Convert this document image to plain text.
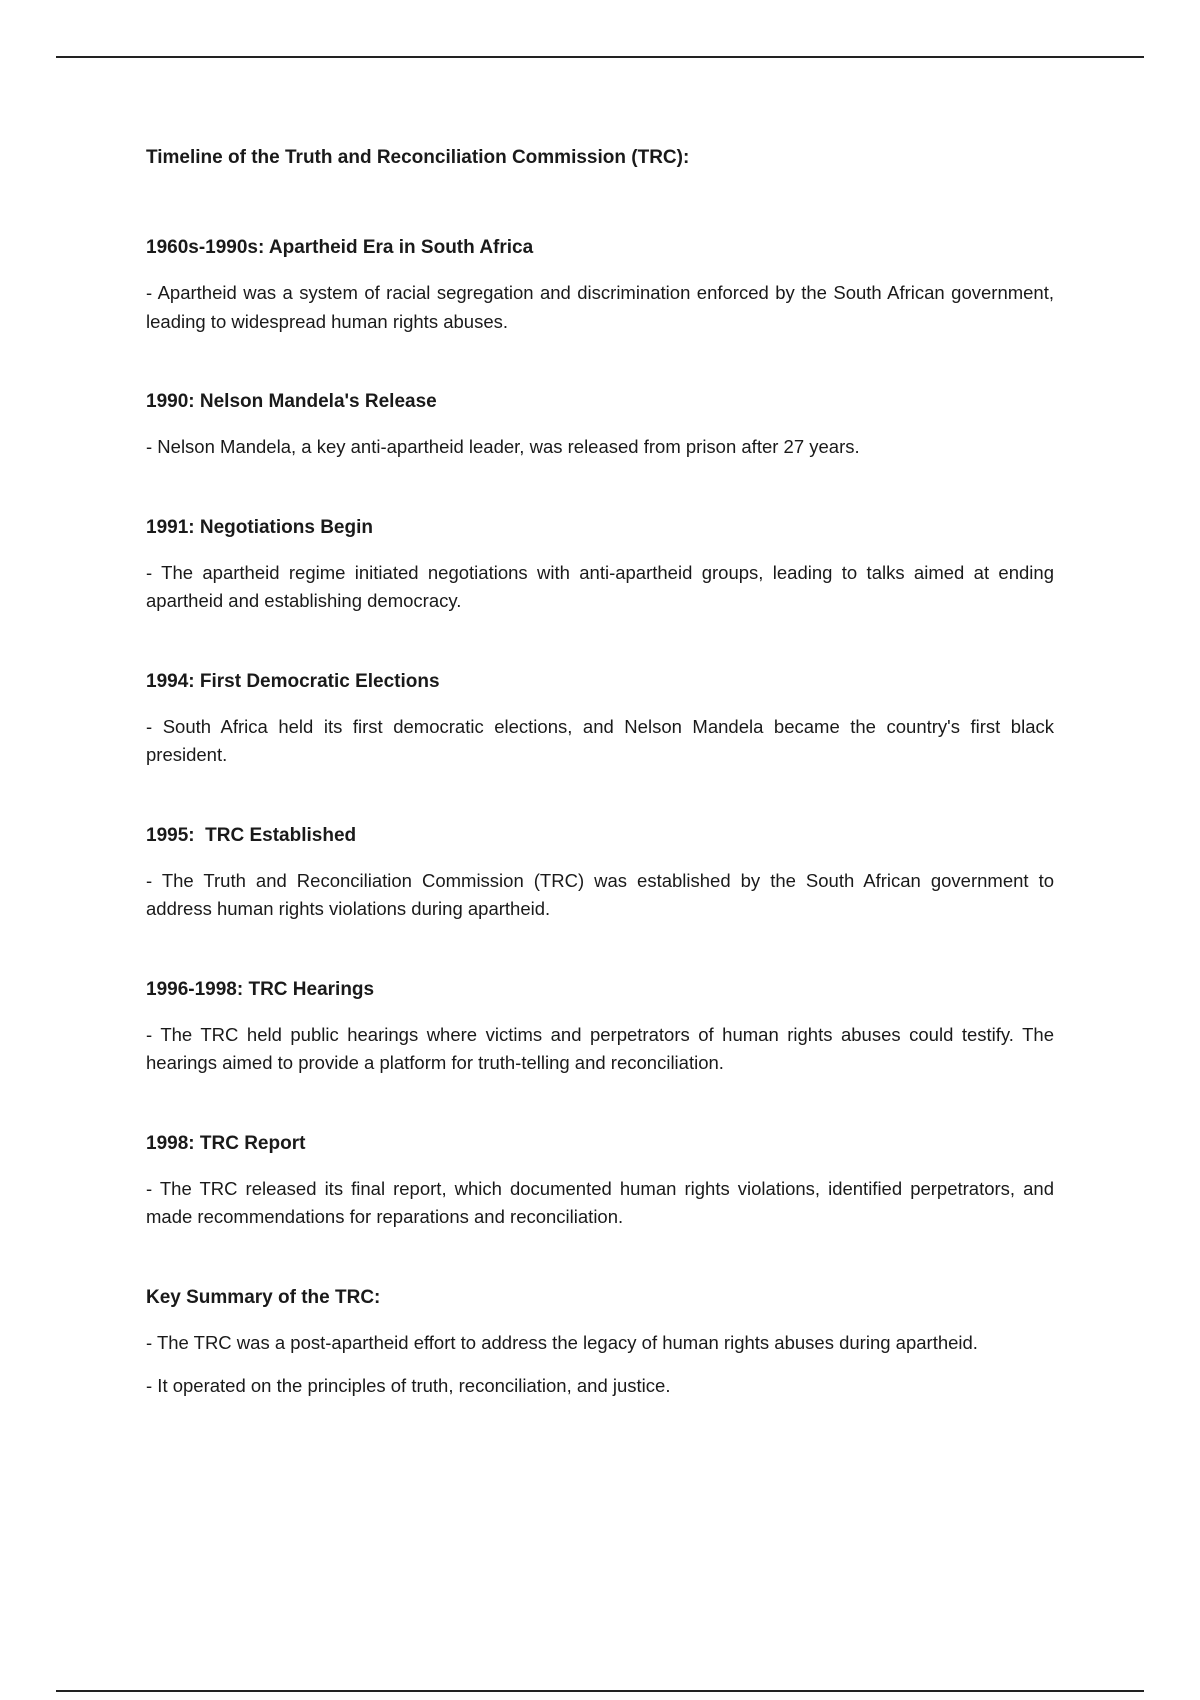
Timeline of the Truth and Reconciliation Commission (TRC):

1960s-1990s: Apartheid Era in South Africa

- Apartheid was a system of racial segregation and discrimination enforced by the South African government, leading to widespread human rights abuses.

1990: Nelson Mandela's Release

- Nelson Mandela, a key anti-apartheid leader, was released from prison after 27 years.

1991: Negotiations Begin

- The apartheid regime initiated negotiations with anti-apartheid groups, leading to talks aimed at ending apartheid and establishing democracy.

1994: First Democratic Elections

- South Africa held its first democratic elections, and Nelson Mandela became the country's first black president.

1995:  TRC Established

- The Truth and Reconciliation Commission (TRC) was established by the South African government to address human rights violations during apartheid.

1996-1998: TRC Hearings

- The TRC held public hearings where victims and perpetrators of human rights abuses could testify. The hearings aimed to provide a platform for truth-telling and reconciliation.

1998: TRC Report

- The TRC released its final report, which documented human rights violations, identified perpetrators, and made recommendations for reparations and reconciliation.

Key Summary of the TRC:

- The TRC was a post-apartheid effort to address the legacy of human rights abuses during apartheid.

- It operated on the principles of truth, reconciliation, and justice.
